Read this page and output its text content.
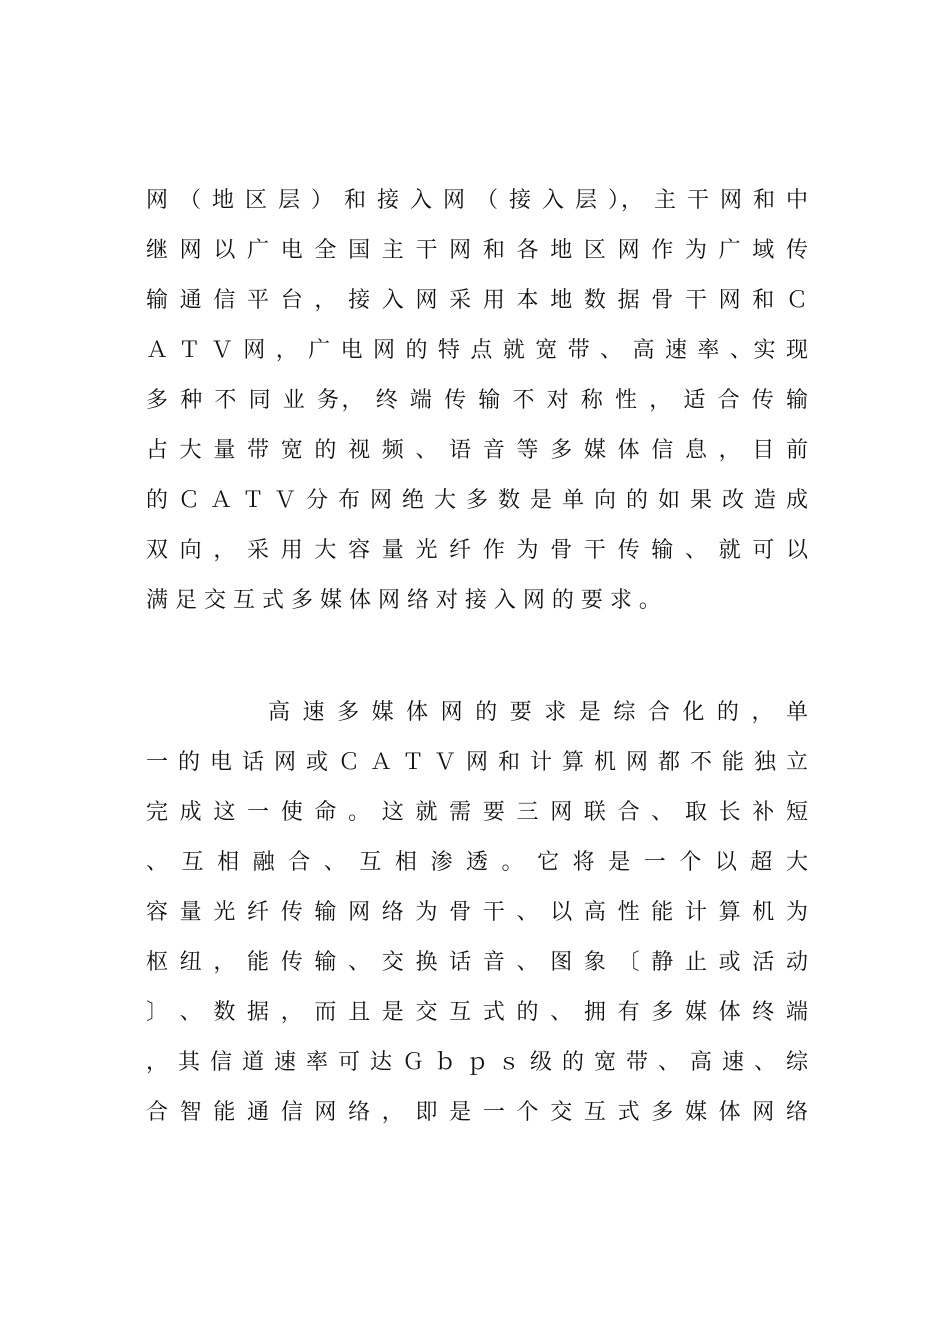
网 （ 地 区 层 ） 和 接 入 网 （ 接 入 层 ）， 主 干 网 和 中
继 网 以 广 电 全 国 主 干 网 和 各 地 区 网 作 为 广 域 传
输 通 信 平 台 ， 接 入 网 采 用 本 地 数 据 骨 干 网 和 Ｃ
Ａ Ｔ Ｖ 网 ， 广 电 网 的 特 点 就 宽 带 、 高 速 率 、实 现
多 种 不 同 业 务， 终 端 传 输 不 对 称 性 ， 适 合 传 输
占 大 量 带 宽 的 视 频 、 语 音 等 多 媒 体 信 息 ， 目 前
的 Ｃ Ａ Ｔ Ｖ 分 布 网 绝 大 多 数 是 单 向 的 如 果 改 造 成
双 向 ， 采 用 大 容 量 光 纤 作 为 骨 干 传 输 、 就 可 以
满 足 交 互 式 多 媒 体 网 络 对 接 入 网 的 要 求 。
高 速 多 媒 体 网 的 要 求 是 综 合 化 的 ， 单
一 的 电 话 网 或 Ｃ Ａ Ｔ Ｖ 网 和 计 算 机 网 都 不 能 独 立
完 成 这 一 使 命 。 这 就 需 要 三 网 联 合 、 取 长 补 短
、 互 相 融 合 、 互 相 渗 透 。 它 将 是 一 个 以 超 大
容 量 光 纤 传 输 网 络 为 骨 干 、 以 高 性 能 计 算 机 为
枢 纽 ， 能 传 输 、 交 换 话 音 、 图 象 〔 静 止 或 活 动
〕 、 数 据 ， 而 且 是 交 互 式 的 、 拥 有 多 媒 体 终 端
， 其 信 道 速 率 可 达 Ｇ ｂ ｐ ｓ 级 的 宽 带 、 高 速 、 综
合 智 能 通 信 网 络 ， 即 是 一 个 交 互 式 多 媒 体 网 络
